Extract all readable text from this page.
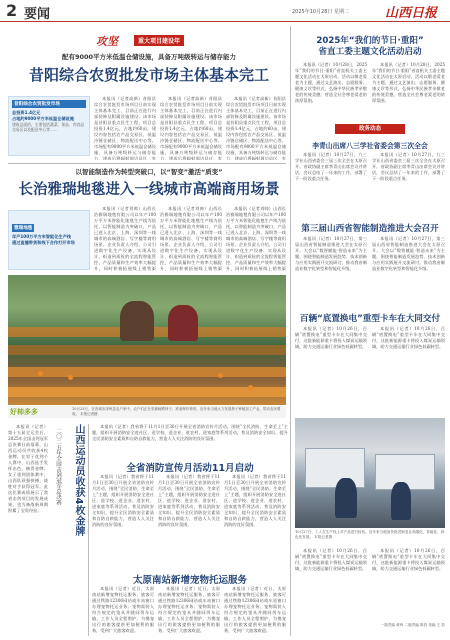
2 要闻	2025年10月28日 星期二	山西日报
攻坚	重大项目建设年
配有9000平方米低温仓储设施，具备万吨级转运与储存能力
昔阳综合农贸批发市场主体基本完工
昔阳综合农贸批发市场
总投资1.4亿元
占地约9000平方米低温仓储设施
建筑总面约，主要包括蔬菜、果品、肉食品交易区以及配送中心等……

本报讯（记者高新）昔阳县综合农贸批发市场项目日前实现主体基本完工，目前正在进行内部装修及附属设施建设。该市场是昔阳县重点民生工程，项目总投资1.4亿元，占地约60亩，建设内容包括农产品交易区、低温冷链仓储区、物流配送中心等。市场配有9000平方米低温仓储设施，具备万吨级转运与储存能力，建成后将辐射周边县区，有

本报讯（记者高新）昔阳县综合农贸批发市场项目日前实现主体基本完工，目前正在进行内部装修及附属设施建设。该市场是昔阳县重点民生工程，项目总投资1.4亿元，占地约60亩，建设内容包括农产品交易区、低温冷链仓储区、物流配送中心等。市场配有9000平方米低温仓储设施，具备万吨级转运与储存能力，建成后将辐射周边县区，有

本报讯（记者高新）昔阳县综合农贸批发市场项目日前实现主体基本完工，目前正在进行内部装修及附属设施建设。该市场是昔阳县重点民生工程，项目总投资1.4亿元，占地约60亩，建设内容包括农产品交易区、低温冷链仓储区、物流配送中心等。市场配有9000平方米低温仓储设施，具备万吨级转运与储存能力，建成后将辐射周边县区，有

以智能制造作为转型突破口，以“智变”激活“质变”
长治雅瑞地毯进入一线城市高端商用场景
雅瑞地毯
年产100万平方米智能化生产线
通过直播带货和线下合作打开市场

本报讯（记者刘帅）山西长治雅瑞地毯有限公司以年产100万平方米智能化地毯生产线为依托，以智能制造为突破口，产品已进入北京、上海、深圳等一线城市的高端酒店、写字楼等商用场景。企业负责人介绍，公司引进数字化生产设备，实现从设计、织造到质检的全流程智能管控，产品质量和生产效率大幅提升，同时积极拓展线上销售渠

本报讯（记者刘帅）山西长治雅瑞地毯有限公司以年产100万平方米智能化地毯生产线为依托，以智能制造为突破口，产品已进入北京、上海、深圳等一线城市的高端酒店、写字楼等商用场景。企业负责人介绍，公司引进数字化生产设备，实现从设计、织造到质检的全流程智能管控，产品质量和生产效率大幅提升，同时积极拓展线上销售渠

本报讯（记者刘帅）山西长治雅瑞地毯有限公司以年产100万平方米智能化地毯生产线为依托，以智能制造为突破口，产品已进入北京、上海、深圳等一线城市的高端酒店、写字楼等商用场景。企业负责人介绍，公司引进数字化生产设备，实现从设计、织造到质检的全流程智能管控，产品质量和生产效率大幅提升，同时积极拓展线上销售渠

好柿多多	10月23日，在晋城市泽州县农户家中，农户们正在采摘晾晒柿子，准备制作柿饼。近年来当地大力发展柿子种植加工产业，带动农民增收。 本报记者摄
山西运动员收获4枚金牌
二〇二五年全国击剑冠军总决赛

本报讯（记者）第十五届全运会后，2025年全国击剑冠军总决赛日前落幕，山西运动员共收获4枚金牌。在男子花剑个人赛中，山西选手发挥出色，摘得金牌；女子重剑团体赛中，山西队顽强拼搏，战胜对手获得冠军。此次比赛成绩展示了我省击剑项目的发展成果，也为备战新周期积累了宝贵经验。

本报讯（记者）我省将于11月1日至30日开展全省消防宣传月活动，围绕“全民消防、生命至上”主题，组织开展消防安全进社区、进学校、进企业、进农村、进家庭等系列活动，普及消防安全知识，提升全民消防安全素质和自防自救能力，营造人人关注消防的良好氛围。

全省消防宣传月活动11月启动

本报讯（记者）我省将于11月1日至30日开展全省消防宣传月活动，围绕“全民消防、生命至上”主题，组织开展消防安全进社区、进学校、进企业、进农村、进家庭等系列活动，普及消防安全知识，提升全民消防安全素质和自防自救能力，营造人人关注消防的良好氛围。

本报讯（记者）我省将于11月1日至30日开展全省消防宣传月活动，围绕“全民消防、生命至上”主题，组织开展消防安全进社区、进学校、进企业、进农村、进家庭等系列活动，普及消防安全知识，提升全民消防安全素质和自防自救能力，营造人人关注消防的良好氛围。

本报讯（记者）我省将于11月1日至30日开展全省消防宣传月活动，围绕“全民消防、生命至上”主题，组织开展消防安全进社区、进学校、进企业、进农村、进家庭等系列活动，普及消防安全知识，提升全民消防安全素质和自防自救能力，营造人人关注消防的良好氛围。

太原南站新增宠物托运服务

本报讯（记者）近日，太原南站新增宠物托运服务，旅客可通过铁路12306网站或车站窗口办理宠物托运业务。宠物需装入符合规定的笼具并随同列车运输，工作人员全程照护，为携宠出行的旅客提供更加便利的服务，受到广大旅客欢迎。

本报讯（记者）近日，太原南站新增宠物托运服务，旅客可通过铁路12306网站或车站窗口办理宠物托运业务。宠物需装入符合规定的笼具并随同列车运输，工作人员全程照护，为携宠出行的旅客提供更加便利的服务，受到广大旅客欢迎。

本报讯（记者）近日，太原南站新增宠物托运服务，旅客可通过铁路12306网站或车站窗口办理宠物托运业务。宠物需装入符合规定的笼具并随同列车运输，工作人员全程照护，为携宠出行的旅客提供更加便利的服务，受到广大旅客欢迎。

2025年“我们的节日·重阳”
省直工委主题文化活动启动

本报讯（记者）10月28日，2025年“我们的节日·重阳”省直机关工委主题文化活动在太原启动。活动以敬老爱老为主题，通过文艺演出、志愿服务、健康义诊等形式，弘扬中华民族孝亲敬老的传统美德，营造全社会尊老爱老的浓厚氛围。

本报讯（记者）10月28日，2025年“我们的节日·重阳”省直机关工委主题文化活动在太原启动。活动以敬老爱老为主题，通过文艺演出、志愿服务、健康义诊等形式，弘扬中华民族孝亲敬老的传统美德，营造全社会尊老爱老的浓厚氛围。

政务动态
李青山出席八三学社省委会第三次全会

本报讯（记者）10月27日，九三学社山西省委会三届三次全会在太原召开。省政协副主席李青山出席会议并讲话，会议总结了一年来的工作，部署了下一阶段重点任务。

本报讯（记者）10月27日，九三学社山西省委会三届三次全会在太原召开。省政协副主席李青山出席会议并讲话，会议总结了一年来的工作，部署了下一阶段重点任务。

第三届山西省智能制造推进大会召开

本报讯（记者）10月27日，第三届山西省智能制造推进大会在太原召开。大会以“数智赋能·智造未来”为主题，围绕智能制造发展趋势、技术创新与应用实践展开交流研讨，推动我省制造业数字化转型和智能化升级。

本报讯（记者）10月27日，第三届山西省智能制造推进大会在太原召开。大会以“数智赋能·智造未来”为主题，围绕智能制造发展趋势、技术创新与应用实践展开交流研讨，推动我省制造业数字化转型和智能化升级。

百辆“底置换电”重型卡车在大同交付

本报讯（记者）10月26日，百辆“底置换电”重型卡车在大同集中交付，这批新能源重卡将投入煤炭运输领域，助力交通运输行业绿色低碳转型。

本报讯（记者）10月26日，百辆“底置换电”重型卡车在大同集中交付，这批新能源重卡将投入煤炭运输领域，助力交通运输行业绿色低碳转型。

10月27日，工人在生产线上对产品进行检验。近年来当地加快推进制造业高端化、智能化、绿色化发展。 本报记者摄

本报讯（记者）10月26日，百辆“底置换电”重型卡车在大同集中交付，这批新能源重卡将投入煤炭运输领域，助力交通运输行业绿色低碳转型。

本报讯（记者）10月26日，百辆“底置换电”重型卡车在大同集中交付，这批新能源重卡将投入煤炭运输领域，助力交通运输行业绿色低碳转型。

一版责编 黄炜 二版责编 陈昌 美编 王 浩
